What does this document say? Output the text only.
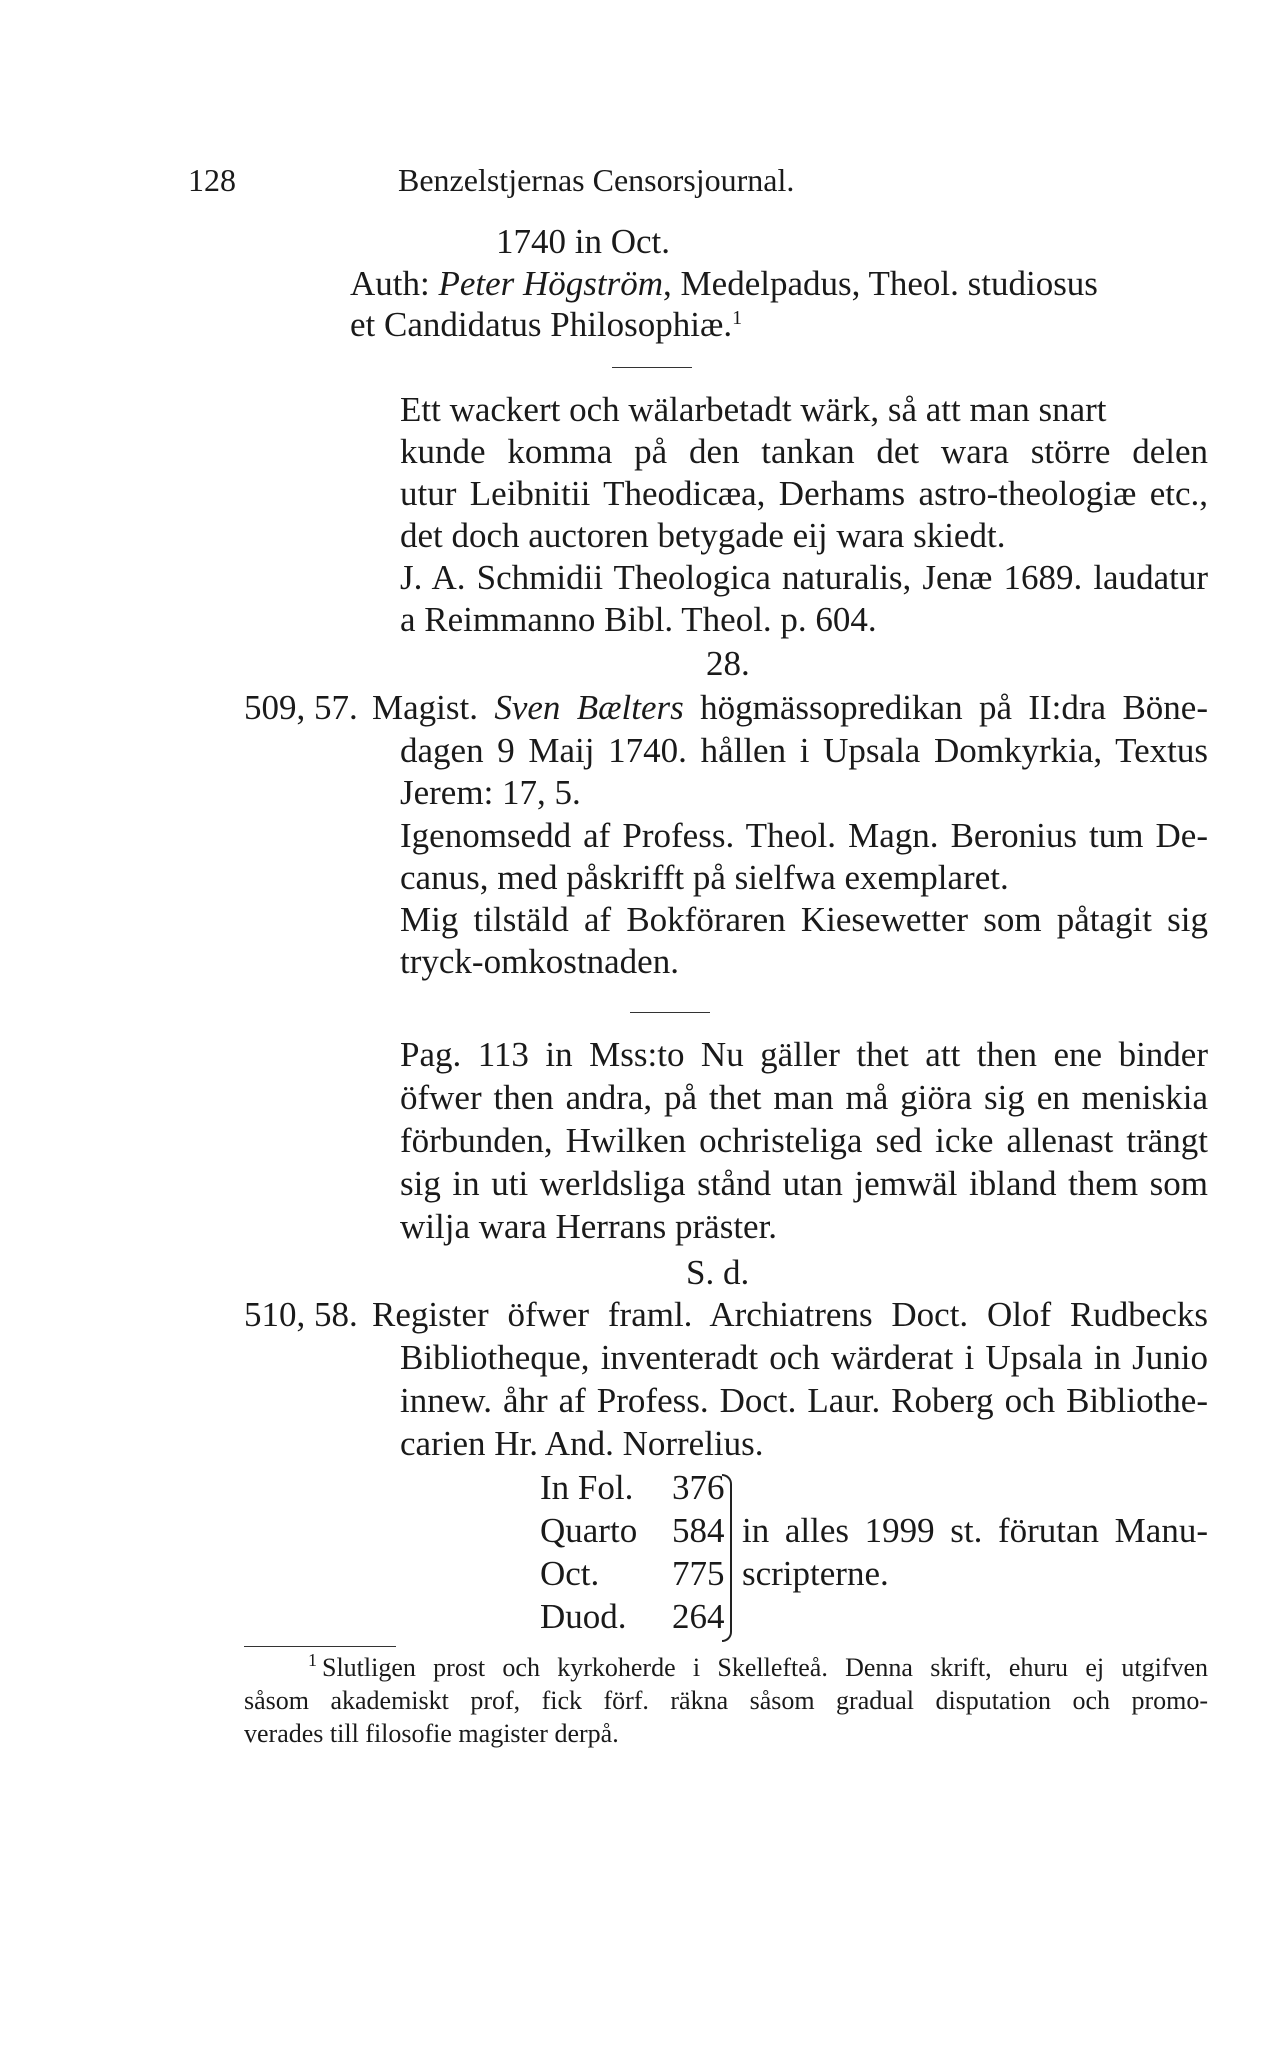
128	Benzelstjernas Censorsjournal.
1740 in Oct.
Auth: Peter Högström, Medelpadus, Theol. studiosus
et Candidatus Philosophiæ.$^1$
Ett wackert och wälarbetadt wärk, så att man snart
kunde komma på den tankan det wara större delen
utur Leibnitii Theodicæa, Derhams astro-theologiæ etc.,
det doch auctoren betygade eij wara skiedt.
J. A. Schmidii Theologica naturalis, Jenæ 1689. laudatur
a Reimmanno Bibl. Theol. p. 604.
28.
509, 57. Magist. Sven Bælters högmässopredikan på II:dra Böne-
dagen 9 Maij 1740. hållen i Upsala Domkyrkia, Textus
Jerem: 17, 5.
Igenomsedd af Profess. Theol. Magn. Beronius tum De-
canus, med påskrifft på sielfwa exemplaret.
Mig tilstäld af Bokföraren Kiesewetter som påtagit sig
tryck-omkostnaden.
Pag. 113 in Mss:to Nu gäller thet att then ene binder
öfwer then andra, på thet man må giöra sig en meniskia
förbunden, Hwilken ochristeliga sed icke allenast trängt
sig in uti werldsliga stånd utan jemwäl ibland them som
wilja wara Herrans präster.
S. d.
510, 58. Register öfwer framl. Archiatrens Doct. Olof Rudbecks
Bibliotheque, inventeradt och wärderat i Upsala in Junio
innew. åhr af Profess. Doct. Laur. Roberg och Bibliothe-
carien Hr. And. Norrelius.
In Fol. 376
Quarto 584
Oct. 775
Duod. 264
in alles 1999 st. förutan Manu-
scripterne.
1 Slutligen prost och kyrkoherde i Skellefteå. Denna skrift, ehuru ej utgifven
såsom akademiskt prof, fick förf. räkna såsom gradual disputation och promo-
verades till filosofie magister derpå.
